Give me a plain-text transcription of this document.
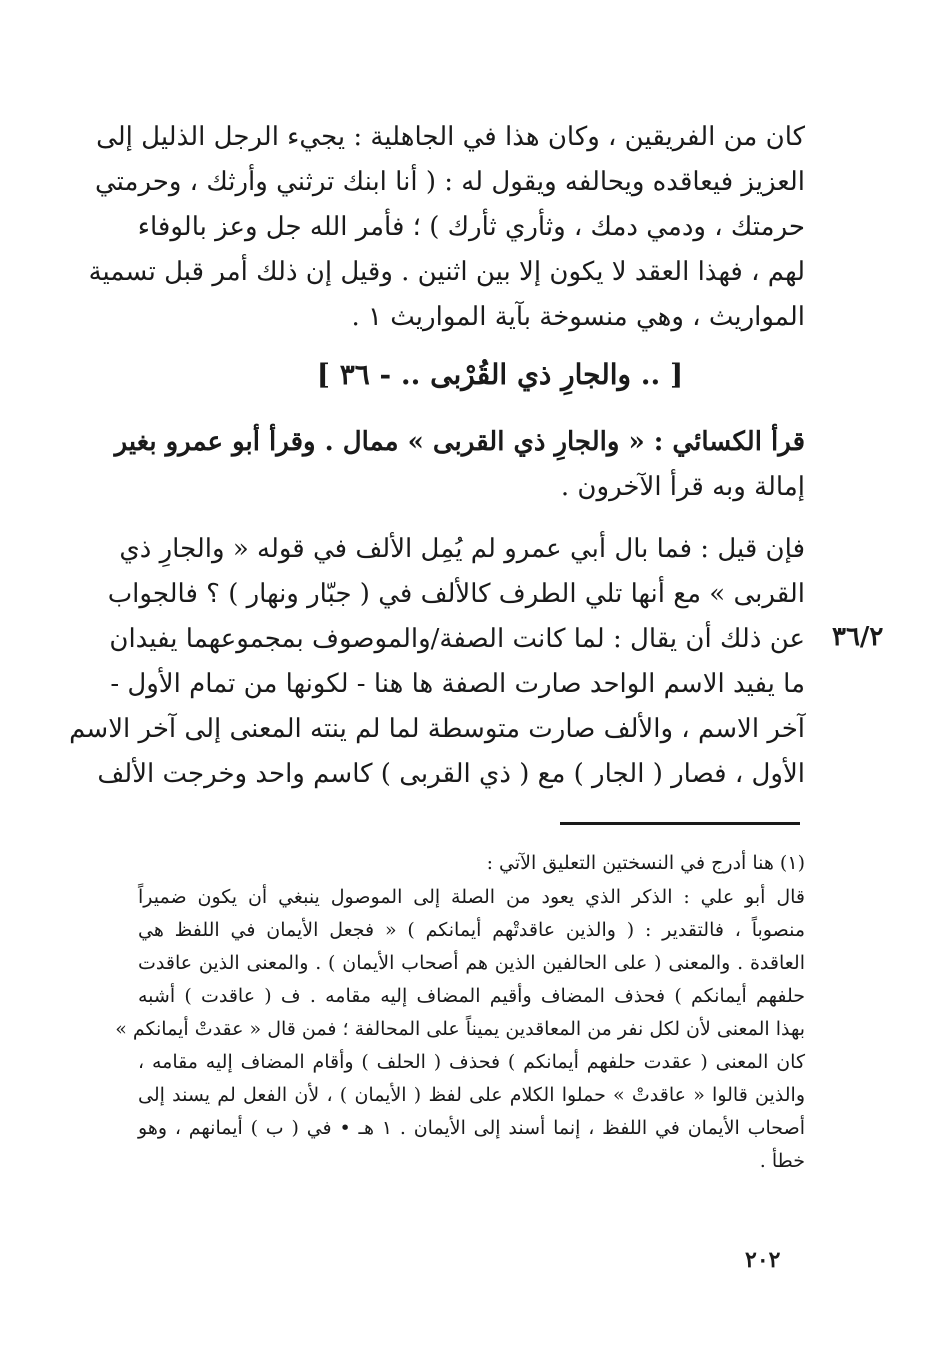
كان من الفريقين ، وكان هذا في الجاهلية : يجيء الرجل الذليل إلى
العزيز فيعاقده ويحالفه ويقول له : ( أنا ابنك ترثني وأرثك ، وحرمتي
حرمتك ، ودمي دمك ، وثأري ثأرك ) ؛ فأمر الله جل وعز بالوفاء
لهم ، فهذا العقد لا يكون إلا بين اثنين . وقيل إن ذلك أمر قبل تسمية
المواريث ، وهي منسوخة بآية المواريث ١ .
[ .. والجارِ ذي القُرْبى .. - ٣٦ ]
قرأ الكسائي : « والجارِ ذي القربى » ممال . وقرأ أبو عمرو بغير
إمالة وبه قرأ الآخرون .
فإن قيل : فما بال أبي عمرو لم يُمِل الألف في قوله « والجارِ ذي
القربى » مع أنها تلي الطرف كالألف في ( جبّار ونهار ) ؟ فالجواب
عن ذلك أن يقال : لما كانت الصفة/والموصوف بمجموعهما يفيدان
ما يفيد الاسم الواحد صارت الصفة ها هنا - لكونها من تمام الأول -
آخر الاسم ، والألف صارت متوسطة لما لم ينته المعنى إلى آخر الاسم
الأول ، فصار ( الجار ) مع ( ذي القربى ) كاسم واحد وخرجت الألف
٣٦/٢
(١) هنا أدرج في النسختين التعليق الآتي :
قال أبو علي : الذكر الذي يعود من الصلة إلى الموصول ينبغي أن يكون ضميراً
منصوباً ، فالتقدير : ( والذين عاقدتْهم أيمانكم ) « فجعل الأيمان في اللفظ هي
العاقدة . والمعنى ( على الحالفين الذين هم أصحاب الأيمان ) . والمعنى الذين عاقدت
حلفهم أيمانكم ) فحذف المضاف وأقيم المضاف إليه مقامه . ف ( عاقدت ) أشبه
بهذا المعنى لأن لكل نفر من المعاقدين يميناً على المحالفة ؛ فمن قال « عقدتْ أيمانكم »
كان المعنى ( عقدت حلفهم أيمانكم ) فحذف ( الحلف ) وأقام المضاف إليه مقامه ،
والذين قالوا « عاقدتْ » حملوا الكلام على لفظ ( الأيمان ) ، لأن الفعل لم يسند إلى
أصحاب الأيمان في اللفظ ، إنما أسند إلى الأيمان . ١ هـ • في ( ب ) أيمانهم ، وهو
خطأ .
٢٠٢
